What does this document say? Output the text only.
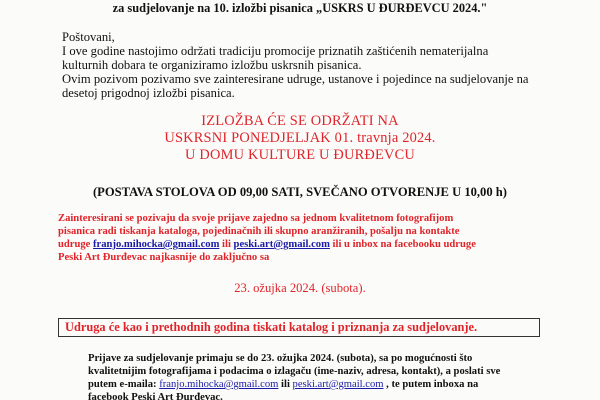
za sudjelovanje na 10. izložbi pisanica „USKRS U ĐURĐEVCU 2024."
Poštovani,
I ove godine nastojimo održati tradiciju promocije priznatih zaštićenih nematerijalna
kulturnih dobara te organiziramo izložbu uskrsnih pisanica.
Ovim pozivom pozivamo sve zainteresirane udruge, ustanove i pojedince na sudjelovanje na
desetoj prigodnoj izložbi pisanica.
IZLOŽBA ĆE SE ODRŽATI NA
USKRSNI PONEDJELJAK 01. travnja 2024.
U DOMU KULTURE U ĐURĐEVCU
(POSTAVA STOLOVA OD 09,00 SATI, SVEČANO OTVORENJE U 10,00 h)
Zainteresirani se pozivaju da svoje prijave zajedno sa jednom kvalitetnom fotografijom
pisanica radi tiskanja kataloga, pojedinačnih ili skupno aranžiranih, pošalju na kontakte
udruge franjo.mihocka@gmail.com ili peski.art@gmail.com ili u inbox na facebooku udruge
Peski Art Đurđevac najkasnije do zaključno sa
23. ožujka 2024. (subota).
Udruga će kao i prethodnih godina tiskati katalog i priznanja za sudjelovanje.
Prijave za sudjelovanje primaju se do 23. ožujka 2024. (subota), sa po mogućnosti što
kvalitetnijim fotografijama i podacima o izlagaču (ime-naziv, adresa, kontakt), a poslati sve
putem e-maila: franjo.mihocka@gmail.com ili peski.art@gmail.com , te putem inboxa na
facebook Peski Art Đurđevac.
